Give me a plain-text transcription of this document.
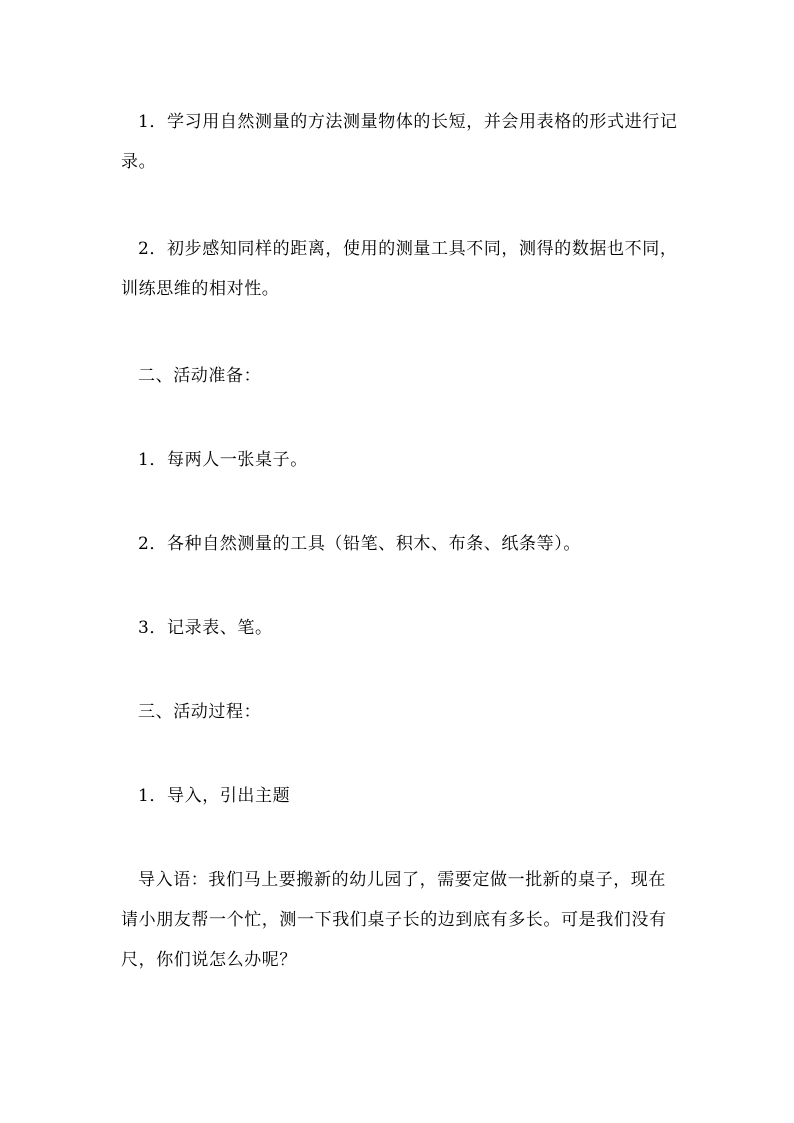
1．学习用自然测量的方法测量物体的长短，并会用表格的形式进行记录。

2．初步感知同样的距离，使用的测量工具不同，测得的数据也不同，训练思维的相对性。

二、活动准备：

1．每两人一张桌子。

2．各种自然测量的工具（铅笔、积木、布条、纸条等）。

3．记录表、笔。

三、活动过程：

1．导入，引出主题

导入语：我们马上要搬新的幼儿园了，需要定做一批新的桌子，现在请小朋友帮一个忙，测一下我们桌子长的边到底有多长。可是我们没有尺，你们说怎么办呢？
